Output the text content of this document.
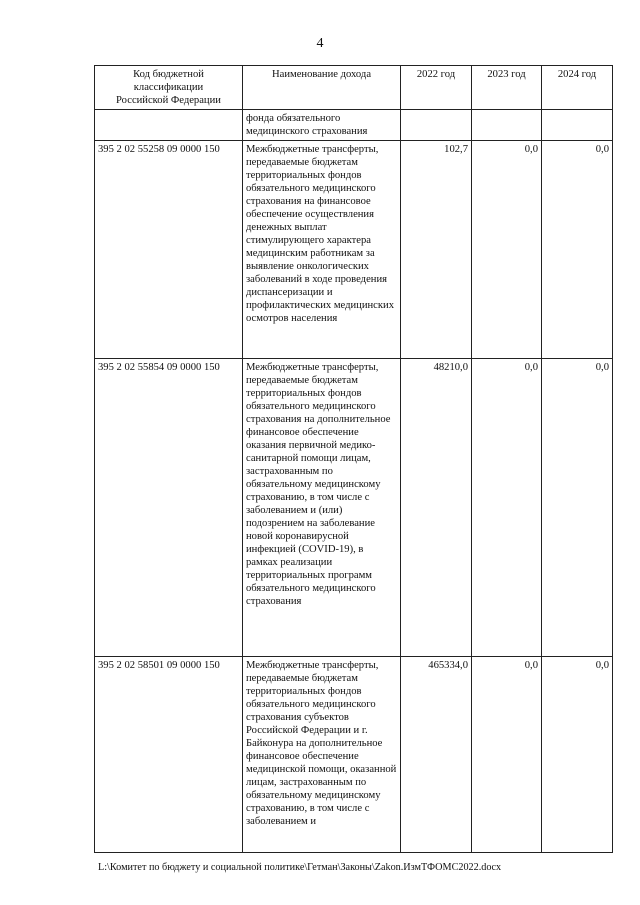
4
Код бюджетной классификации Российской Федерации	Наименование дохода	2022 год	2023 год	2024 год
	фонда обязательного медицинского страхования			
395 2 02 55258 09 0000 150	Межбюджетные трансферты, передаваемые бюджетам территориальных фондов обязательного медицинского страхования на финансовое обеспечение осуществления денежных выплат стимулирующего характера медицинским работникам за выявление онкологических заболеваний в ходе проведения диспансеризации и профилактических медицинских осмотров населения	102,7	0,0	0,0
395 2 02 55854 09 0000 150	Межбюджетные трансферты, передаваемые бюджетам территориальных фондов обязательного медицинского страхования на дополнительное финансовое обеспечение оказания первичной медико-санитарной помощи лицам, застрахованным по обязательному медицинскому страхованию, в том числе с заболеванием и (или) подозрением на заболевание новой коронавирусной инфекцией (COVID-19), в рамках реализации территориальных программ обязательного медицинского страхования	48210,0	0,0	0,0
395 2 02 58501 09 0000 150	Межбюджетные трансферты, передаваемые бюджетам территориальных фондов обязательного медицинского страхования субъектов Российской Федерации и г. Байконура на дополнительное финансовое обеспечение медицинской помощи, оказанной лицам, застрахованным по обязательному медицинскому страхованию, в том числе с заболеванием и	465334,0	0,0	0,0
L:\Комитет по бюджету и социальной политике\Гетман\Законы\Zakon.ИзмТФОМС2022.docx
